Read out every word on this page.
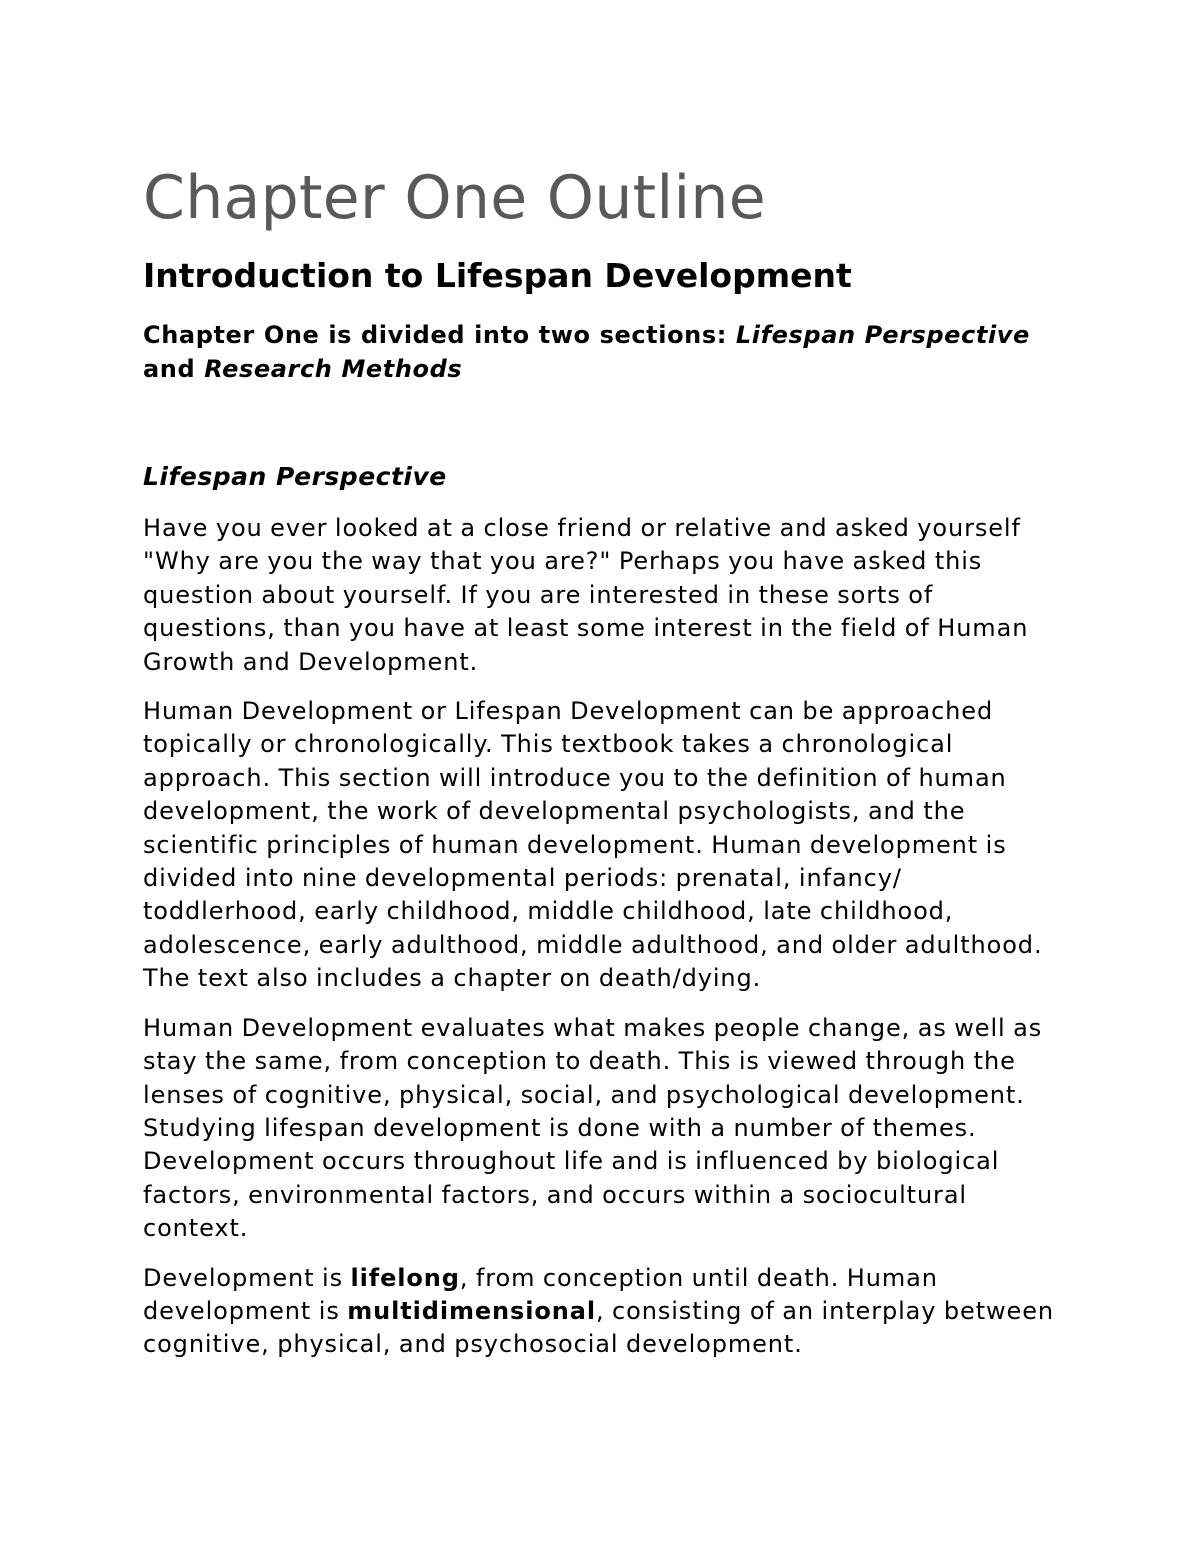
Chapter One Outline
Introduction to Lifespan Development

Chapter One is divided into two sections: Lifespan Perspective and Research Methods

Lifespan Perspective

Have you ever looked at a close friend or relative and asked yourself "Why are you the way that you are?" Perhaps you have asked this question about yourself. If you are interested in these sorts of questions, than you have at least some interest in the field of Human Growth and Development.

Human Development or Lifespan Development can be approached topically or chronologically. This textbook takes a chronological approach. This section will introduce you to the definition of human development, the work of developmental psychologists, and the scientific principles of human development. Human development is divided into nine developmental periods: prenatal, infancy/ toddlerhood, early childhood, middle childhood, late childhood, adolescence, early adulthood, middle adulthood, and older adulthood. The text also includes a chapter on death/dying.

Human Development evaluates what makes people change, as well as stay the same, from conception to death. This is viewed through the lenses of cognitive, physical, social, and psychological development. Studying lifespan development is done with a number of themes. Development occurs throughout life and is influenced by biological factors, environmental factors, and occurs within a sociocultural context.

Development is lifelong, from conception until death. Human development is multidimensional, consisting of an interplay between cognitive, physical, and psychosocial development.
